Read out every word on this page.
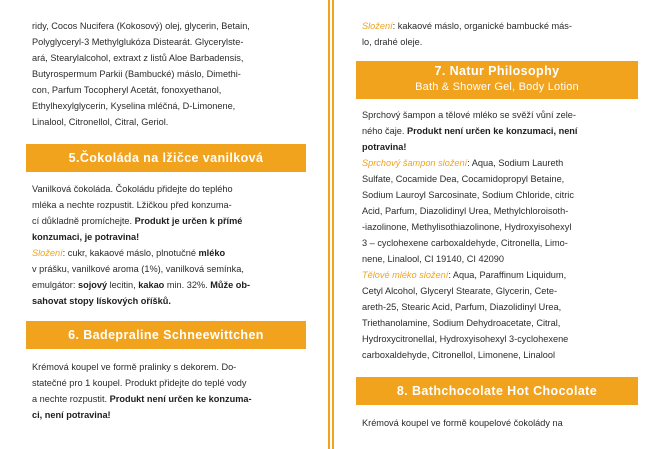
ridy, Cocos Nucifera (Kokosový) olej, glycerin, Betain,
Polyglyceryl-3 Methylglukóza Distearát. Glycerylste-
ará, Stearylalcohol, extraxt z listů Aloe Barbadensis,
Butyrospermum Parkii (Bambucké) máslo, Dimethi-
con, Parfum Tocopheryl Acetát, fonoxyethanol,
Ethylhexylglycerin, Kyselina mléčná, D-Limonene,
Linalool, Citronellol, Citral, Geriol.

5.Čokoláda na lžičce vanilková

Vanilková čokoláda. Čokoládu přidejte do teplého
mléka a nechte rozpustit. Lžičkou před konzuma-
cí důkladně promíchejte. Produkt je určen k přímé
konzumaci, je potravina!

Složení: cukr, kakaové máslo, plnotučné mléko
v prášku, vanilkové aroma (1%), vanilková semínka,
emulgátor: sojový lecitin, kakao min. 32%. Může ob-
sahovat stopy lískových oříšků.

6. Badepraline Schneewittchen

Krémová koupel ve formě pralinky s dekorem. Do-
statečné pro 1 koupel. Produkt přidejte do teplé vody
a nechte rozpustit. Produkt není určen ke konzuma-
ci, není potravina!

Složení: kakaové máslo, organické bambucké más-
lo, drahé oleje.

7. Natur Philosophy
Bath & Shower Gel, Body Lotion

Sprchový šampon a tělové mléko se svěží vůní zele-
ného čaje. Produkt není určen ke konzumaci, není
potravina!

Sprchový šampon složení: Aqua, Sodium Laureth
Sulfate, Cocamide Dea, Cocamidopropyl Betaine,
Sodium Lauroyl Sarcosinate, Sodium Chloride, citric
Acid, Parfum, Diazolidinyl Urea, Methylchloroisoth-
-iazolinone, Methylisothiazolinone, Hydroxyisohexyl
3 – cyclohexene carboxaldehyde, Citronella, Limo-
nene, Linalool, CI 19140, CI 42090

Tělové mléko složení: Aqua, Paraffinum Liquidum,
Cetyl Alcohol, Glyceryl Stearate, Glycerin, Cete-
areth-25, Stearic Acid, Parfum, Diazolidinyl Urea,
Triethanolamine, Sodium Dehydroacetate, Citral,
Hydroxycitronellal, Hydroxyisohexyl 3-cyclohexene
carboxaldehyde, Citronellol, Limonene, Linalool

8. Bathchocolate Hot Chocolate

Krémová koupel ve formě koupelové čokolády na
